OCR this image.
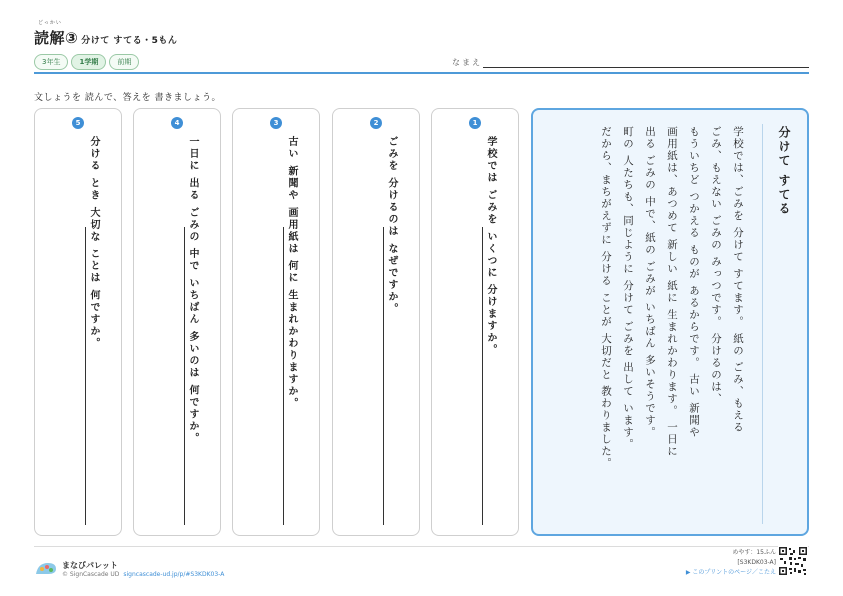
どっかい
読解③ 分けて すてる・5もん
3年生	1学期	前期	なまえ
文しょうを 読んで、答えを 書きましょう。
5
分ける とき 大切な ことは 何ですか。
4
一日に 出る ごみの 中で いちばん 多いのは 何ですか。
3
古い 新聞や 画用紙は 何に 生まれかわりますか。
2
ごみを 分けるのは なぜですか。
1
学校では ごみを いくつに 分けますか。	分けて すてる

学校では、ごみを 分けて すてます。 紙の ごみ、もえる

ごみ、もえない ごみの みっつです。 分けるのは、

もういちど つかえる ものが あるからです。 古い 新聞や

画用紙は、あつめて 新しい 紙に 生まれかわります。 一日に

出る ごみの 中で、紙の ごみが いちばん 多いそうです。

町の 人たちも、同じように 分けて ごみを 出して います。

だから、まちがえずに 分ける ことが 大切だと 教わりました。

まなびパレット
© SignCascade UD signcascade-ud.jp/p/#S3KDK03-A
めやす：15ふん
[S3KDK03-A]
▶ このプリントのページ／こたえ
